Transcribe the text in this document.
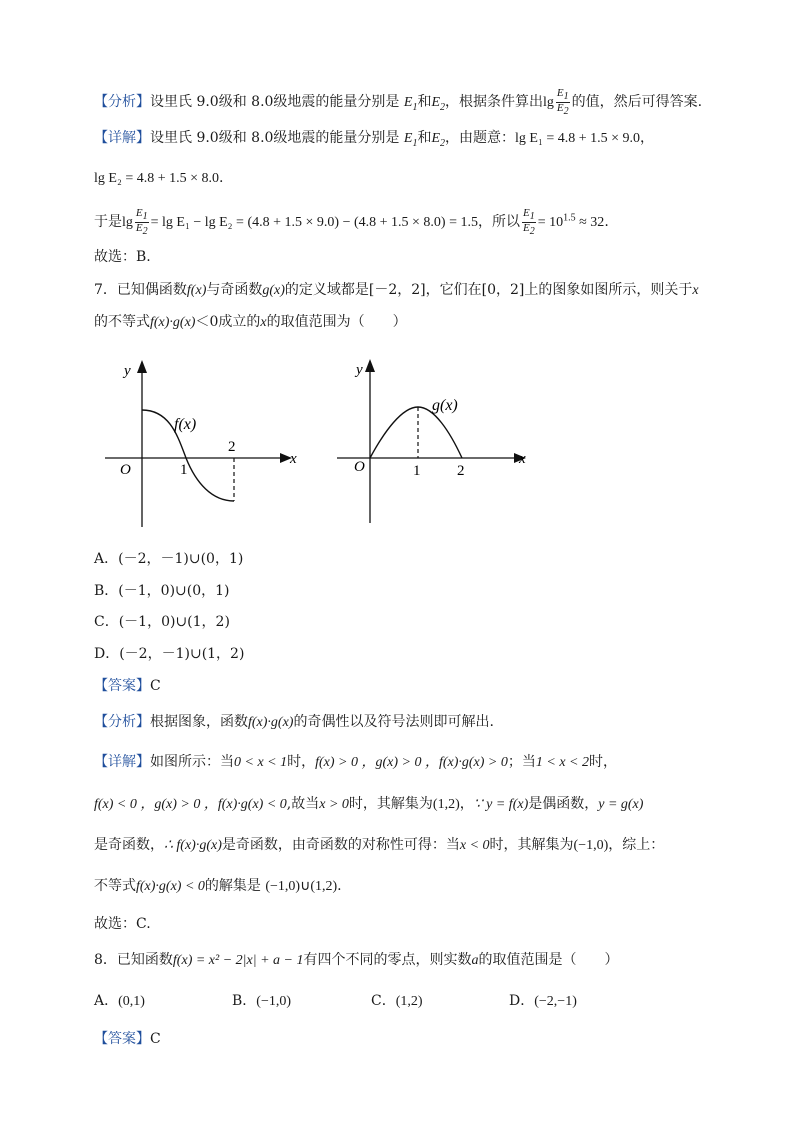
【分析】设里氏 9.0级和 8.0级地震的能量分别是 $E_1$和$E_2$，根据条件算出$\lg \frac{E_1}{E_2}$ 的值，然后可得答案.
【详解】设里氏 9.0级和 8.0级地震的能量分别是 $E_1$和$E_2$，由题意：lg E₁ = 4.8 + 1.5 × 9.0，
lg E₂ = 4.8 + 1.5 × 8.0.
于是$\lg \frac{E_1}{E_2} = \lg E_1 - \lg E_2 = (4.8 + 1.5 \times 9.0) - (4.8 + 1.5 \times 8.0) = 1.5$，所以 $\frac{E_1}{E_2} = 10^{1.5} \approx 32$.
故选：B.
7．已知偶函数f(x)与奇函数g(x)的定义域都是[－2，2]，它们在[0，2]上的图象如图所示，则关于x
的不等式f(x)·g(x)＜0成立的x的取值范围为（　　）
y
x
O	1
2
f(x)
y
x
O	1 2
g(x)
A．(－2，－1)∪(0，1)
B．(－1，0)∪(0，1)
C．(－1，0)∪(1，2)
D．(－2，－1)∪(1，2)
【答案】C
【分析】根据图象，函数f(x)·g(x)的奇偶性以及符号法则即可解出.
【详解】如图所示：当0 < x < 1时，f(x) > 0 ，g(x) > 0 ，f(x)·g(x) > 0；当1 < x < 2时，
f(x) < 0 ，g(x) > 0 ，f(x)·g(x) < 0,故当x > 0时，其解集为(1,2)，∵ y = f(x)是偶函数，y = g(x)
是奇函数，∴ f(x)·g(x)是奇函数，由奇函数的对称性可得：当x < 0时，其解集为(−1,0)，综上：
不等式f(x)·g(x) < 0的解集是 (−1,0)∪(1,2).
故选：C.
8．已知函数f(x) = x² − 2|x| + a − 1有四个不同的零点，则实数a的取值范围是（　　）
A．(0,1)	B．(−1,0)	C．(1,2)	D．(−2,−1)
【答案】C
